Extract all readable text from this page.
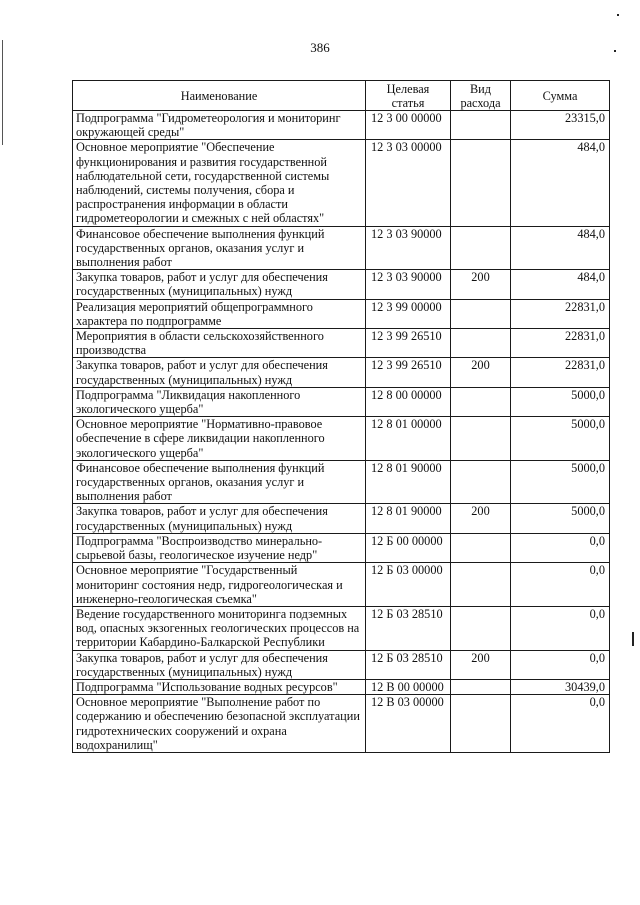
386
Наименование	Целевая статья	Вид расхода	Сумма
Подпрограмма "Гидрометеорология и мониторинг окружающей среды"	12 3 00 00000		23315,0
Основное мероприятие "Обеспечение функционирования и развития государственной наблюдательной сети, государственной системы наблюдений, системы получения, сбора и распространения информации в области гидрометеорологии и смежных с ней областях"	12 3 03 00000		484,0
Финансовое обеспечение выполнения функций государственных органов, оказания услуг и выполнения работ	12 3 03 90000		484,0
Закупка товаров, работ и услуг для обеспечения государственных (муниципальных) нужд	12 3 03 90000	200	484,0
Реализация мероприятий общепрограммного характера по подпрограмме	12 3 99 00000		22831,0
Мероприятия в области сельскохозяйственного производства	12 3 99 26510		22831,0
Закупка товаров, работ и услуг для обеспечения государственных (муниципальных) нужд	12 3 99 26510	200	22831,0
Подпрограмма "Ликвидация накопленного экологического ущерба"	12 8 00 00000		5000,0
Основное мероприятие "Нормативно-правовое обеспечение в сфере ликвидации накопленного экологического ущерба"	12 8 01 00000		5000,0
Финансовое обеспечение выполнения функций государственных органов, оказания услуг и выполнения работ	12 8 01 90000		5000,0
Закупка товаров, работ и услуг для обеспечения государственных (муниципальных) нужд	12 8 01 90000	200	5000,0
Подпрограмма "Воспроизводство минерально-сырьевой базы, геологическое изучение недр"	12 Б 00 00000		0,0
Основное мероприятие "Государственный мониторинг состояния недр, гидрогеологическая и инженерно-геологическая съемка"	12 Б 03 00000		0,0
Ведение государственного мониторинга подземных вод, опасных экзогенных геологических процессов на территории Кабардино-Балкарской Республики	12 Б 03 28510		0,0
Закупка товаров, работ и услуг для обеспечения государственных (муниципальных) нужд	12 Б 03 28510	200	0,0
Подпрограмма "Использование водных ресурсов"	12 В 00 00000		30439,0
Основное мероприятие "Выполнение работ по содержанию и обеспечению безопасной эксплуатации гидротехнических сооружений и охрана водохранилищ"	12 В 03 00000		0,0
